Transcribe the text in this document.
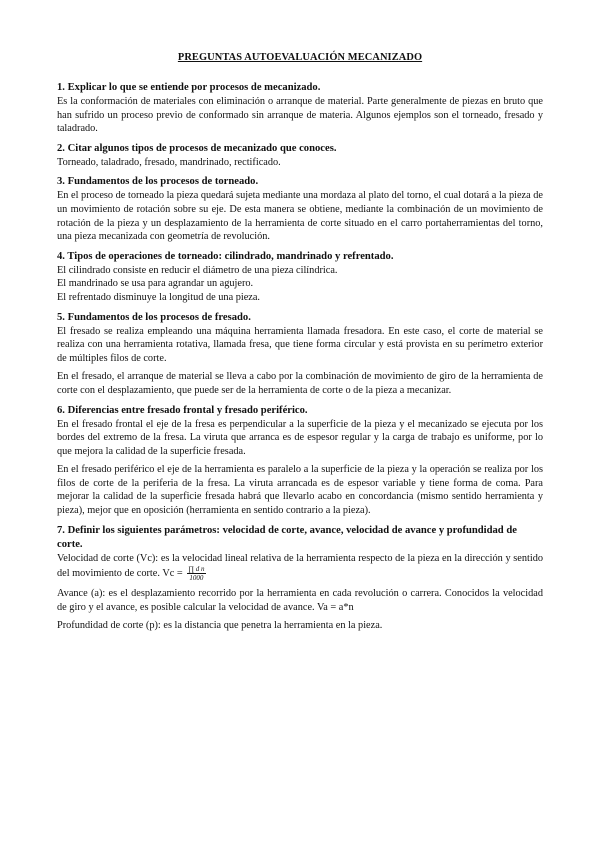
PREGUNTAS AUTOEVALUACIÓN MECANIZADO

1. Explicar lo que se entiende por procesos de mecanizado.

Es la conformación de materiales con eliminación o arranque de material. Parte generalmente de piezas en bruto que han sufrido un proceso previo de conformado sin arranque de materia. Algunos ejemplos son el torneado, fresado y taladrado.

2. Citar algunos tipos de procesos de mecanizado que conoces.

Torneado, taladrado, fresado, mandrinado, rectificado.

3. Fundamentos de los procesos de torneado.

En el proceso de torneado la pieza quedará sujeta mediante una mordaza al plato del torno, el cual dotará a la pieza de un movimiento de rotación sobre su eje. De esta manera se obtiene, mediante la combinación de un movimiento de rotación de la pieza y un desplazamiento de la herramienta de corte situado en el carro portaherramientas del torno, una pieza mecanizada con geometría de revolución.

4. Tipos de operaciones de torneado: cilindrado, mandrinado y refrentado.

El cilindrado consiste en reducir el diámetro de una pieza cilíndrica.

El mandrinado se usa para agrandar un agujero.

El refrentado disminuye la longitud de una pieza.

5. Fundamentos de los procesos de fresado.

El fresado se realiza empleando una máquina herramienta llamada fresadora. En este caso, el corte de material se realiza con una herramienta rotativa, llamada fresa, que tiene forma circular y está provista en su perímetro exterior de múltiples filos de corte.

En el fresado, el arranque de material se lleva a cabo por la combinación de movimiento de giro de la herramienta de corte con el desplazamiento, que puede ser de la herramienta de corte o de la pieza a mecanizar.

6. Diferencias entre fresado frontal y fresado periférico.

En el fresado frontal el eje de la fresa es perpendicular a la superficie de la pieza y el mecanizado se ejecuta por los bordes del extremo de la fresa. La viruta que arranca es de espesor regular y la carga de trabajo es uniforme, por lo que mejora la calidad de la superficie fresada.

En el fresado periférico el eje de la herramienta es paralelo a la superficie de la pieza y la operación se realiza por los filos de corte de la periferia de la fresa. La viruta arrancada es de espesor variable y tiene forma de coma. Para mejorar la calidad de la superficie fresada habrá que llevarlo acabo en concordancia (mismo sentido herramienta y pieza), mejor que en oposición (herramienta en sentido contrario a la pieza).

7. Definir los siguientes parámetros: velocidad de corte, avance, velocidad de avance y profundidad de corte.

Velocidad de corte (Vc): es la velocidad lineal relativa de la herramienta respecto de la pieza en la dirección y sentido del movimiento de corte. $Vc = \frac{\text{∏ d n}}{1000}$

Avance (a): es el desplazamiento recorrido por la herramienta en cada revolución o carrera. Conocidos la velocidad de giro y el avance, es posible calcular la velocidad de avance. Va = a*n

Profundidad de corte (p): es la distancia que penetra la herramienta en la pieza.
